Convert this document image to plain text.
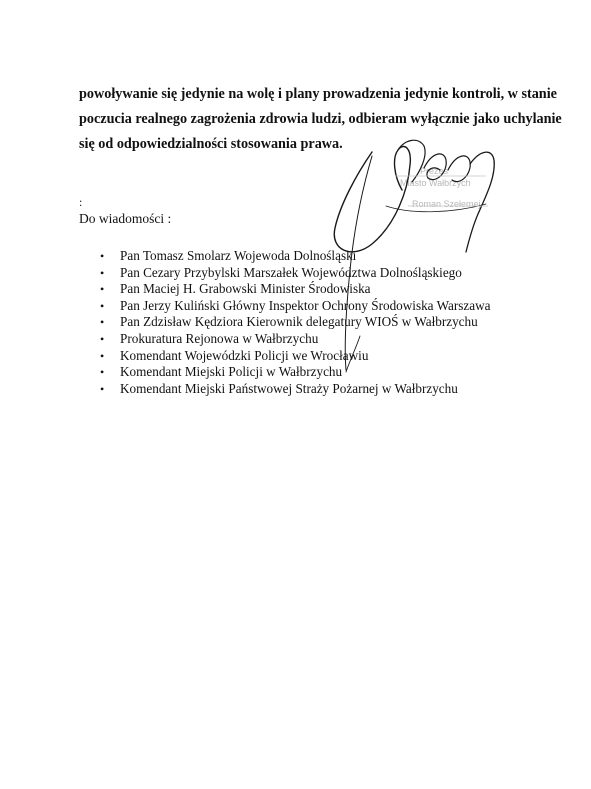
powoływanie się jedynie na wolę i plany prowadzenia jedynie kontroli, w stanie
poczucia realnego zagrożenia zdrowia ludzi, odbieram wyłącznie jako uchylanie
się od odpowiedzialności stosowania prawa.
:
Do wiadomości :
• Pan Tomasz Smolarz Wojewoda Dolnośląski
• Pan Cezary Przybylski Marszałek Województwa Dolnośląskiego
• Pan Maciej H. Grabowski Minister Środowiska
• Pan Jerzy Kuliński Główny Inspektor Ochrony Środowiska Warszawa
• Pan Zdzisław Kędziora Kierownik delegatury WIOŚ w Wałbrzychu
• Prokuratura Rejonowa w Wałbrzychu
• Komendant Wojewódzki Policji we Wrocławiu
• Komendant Miejski Policji w Wałbrzychu
• Komendant Miejski Państwowej Straży Pożarnej w Wałbrzychu
Prezes
Miasto Wałbrzych
Roman Szełemej
